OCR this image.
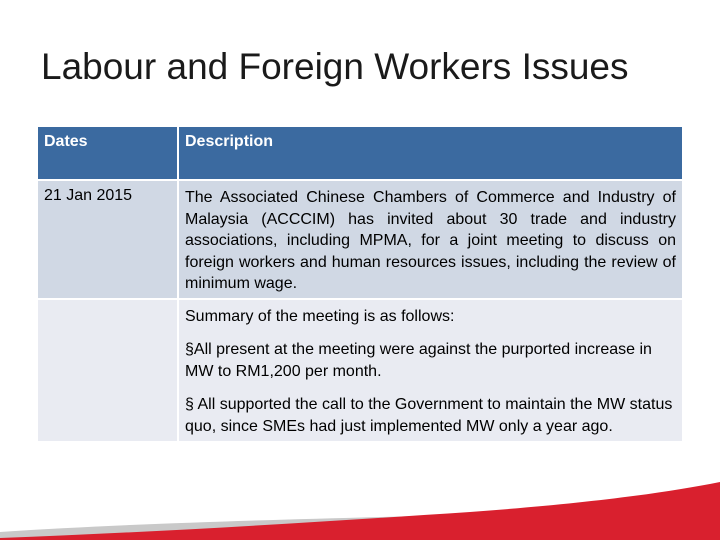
Labour and Foreign Workers Issues
Dates	Description
21 Jan 2015	The Associated Chinese Chambers of Commerce and Industry of Malaysia (ACCCIM) has invited about 30 trade and industry associations, including MPMA, for a joint meeting to discuss on foreign workers and human resources issues, including the review of minimum wage.

	Summary of the meeting is as follows:

§All present at the meeting were against the purported increase in MW to RM1,200 per month.

§ All supported the call to the Government to maintain the MW status quo, since SMEs had just implemented MW only a year ago.
